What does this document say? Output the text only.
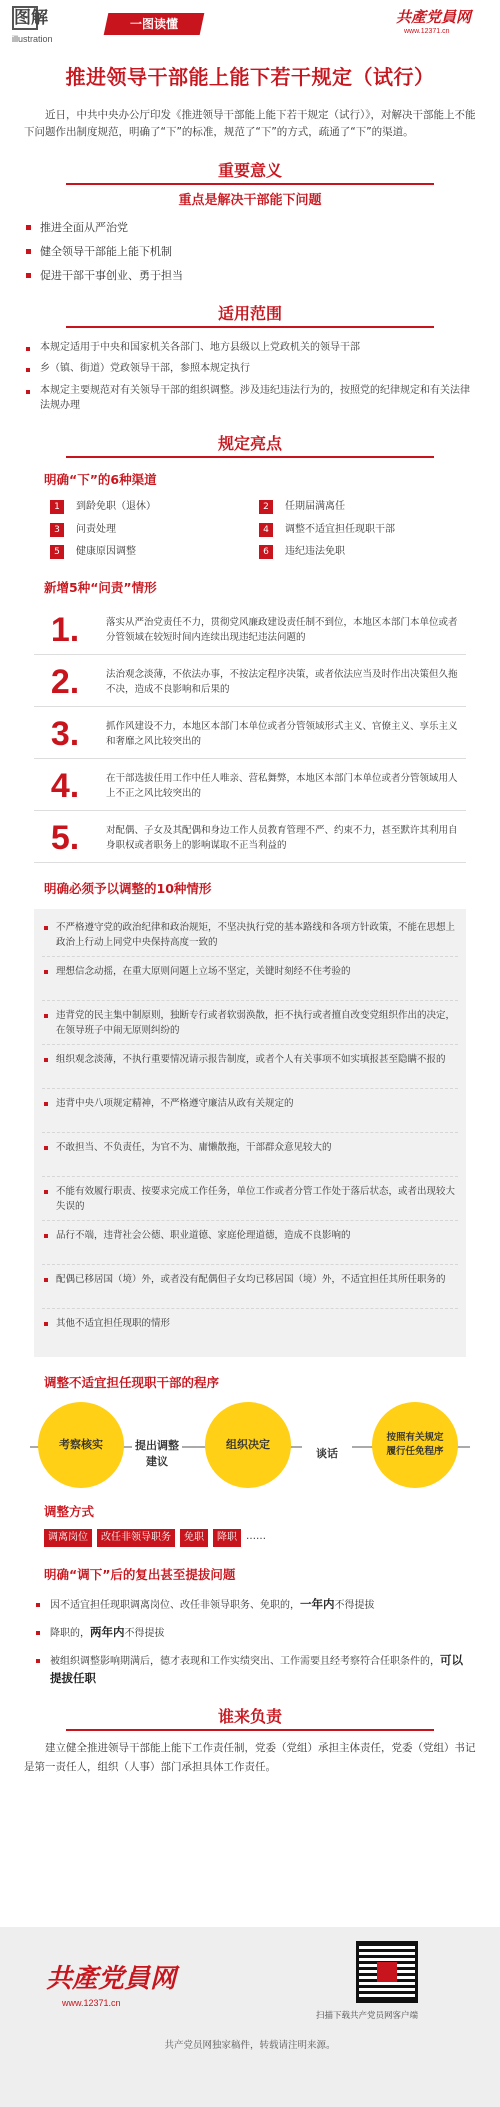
图解
illustration
一图读懂	共產党員网
www.12371.cn
推进领导干部能上能下若干规定（试行）

近日，中共中央办公厅印发《推进领导干部能上能下若干规定（试行）》，对解决干部能上不能下问题作出制度规范，明确了“下”的标准，规范了“下”的方式，疏通了“下”的渠道。

重要意义
重点是解决干部能下问题
推进全面从严治党
健全领导干部能上能下机制
促进干部干事创业、勇于担当
适用范围
本规定适用于中央和国家机关各部门、地方县级以上党政机关的领导干部
乡（镇、街道）党政领导干部，参照本规定执行
本规定主要规范对有关领导干部的组织调整。涉及违纪违法行为的，按照党的纪律规定和有关法律法规办理
规定亮点
明确“下”的6种渠道
1	到龄免职（退休）	2	任期届满离任
3	问责处理	4	调整不适宜担任现职干部
5	健康原因调整	6	违纪违法免职
新增5种“问责”情形
1.	落实从严治党责任不力，贯彻党风廉政建设责任制不到位，本地区本部门本单位或者分管领域在较短时间内连续出现违纪违法问题的
2.	法治观念淡薄，不依法办事，不按法定程序决策，或者依法应当及时作出决策但久拖不决，造成不良影响和后果的
3.	抓作风建设不力，本地区本部门本单位或者分管领域形式主义、官僚主义、享乐主义和奢靡之风比较突出的
4.	在干部选拔任用工作中任人唯亲、营私舞弊，本地区本部门本单位或者分管领域用人上不正之风比较突出的
5.	对配偶、子女及其配偶和身边工作人员教育管理不严、约束不力，甚至默许其利用自身职权或者职务上的影响谋取不正当利益的
明确必须予以调整的10种情形
不严格遵守党的政治纪律和政治规矩，不坚决执行党的基本路线和各项方针政策，不能在思想上政治上行动上同党中央保持高度一致的
理想信念动摇，在重大原则问题上立场不坚定，关键时刻经不住考验的
违背党的民主集中制原则，独断专行或者软弱涣散，拒不执行或者擅自改变党组织作出的决定，在领导班子中闹无原则纠纷的
组织观念淡薄，不执行重要情况请示报告制度，或者个人有关事项不如实填报甚至隐瞒不报的
违背中央八项规定精神，不严格遵守廉洁从政有关规定的
不敢担当、不负责任，为官不为、庸懒散拖，干部群众意见较大的
不能有效履行职责、按要求完成工作任务，单位工作或者分管工作处于落后状态，或者出现较大失误的
品行不端，违背社会公德、职业道德、家庭伦理道德，造成不良影响的
配偶已移居国（境）外，或者没有配偶但子女均已移居国（境）外，不适宜担任其所任职务的
其他不适宜担任现职的情形
调整不适宜担任现职干部的程序
考察核实	提出调整建议
组织决定
谈话
按照有关规定履行任免程序
调整方式
调离岗位	改任非领导职务	免职	降职 ……
明确“调下”后的复出甚至提拔问题
因不适宜担任现职调离岗位、改任非领导职务、免职的，一年内不得提拔
降职的，两年内不得提拔
被组织调整影响期满后，德才表现和工作实绩突出、工作需要且经考察符合任职条件的，可以提拔任职
谁来负责

建立健全推进领导干部能上能下工作责任制，党委（党组）承担主体责任，党委（党组）书记是第一责任人，组织（人事）部门承担具体工作责任。

共產党員网
www.12371.cn
扫描下载共产党员网客户端
共产党员网独家稿件，转载请注明来源。
